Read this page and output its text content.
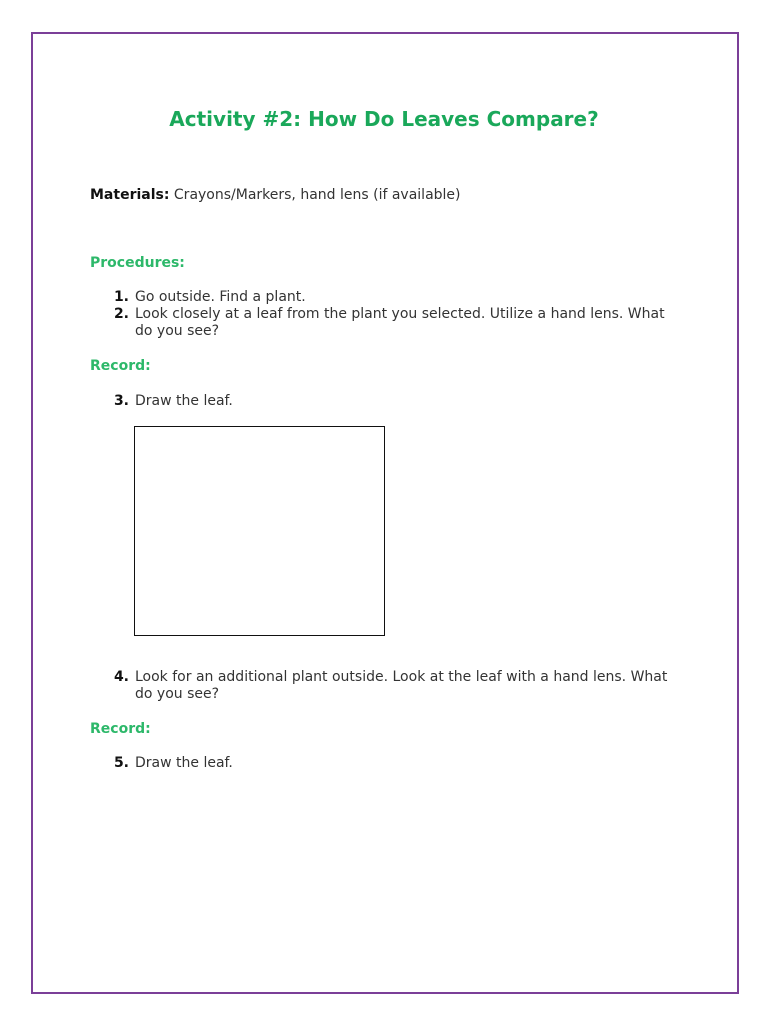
Activity #2: How Do Leaves Compare?

Materials: Crayons/Markers, hand lens (if available)

Procedures:
1. Go outside. Find a plant.
2. Look closely at a leaf from the plant you selected. Utilize a hand lens. What do you see?
Record:
3. Draw the leaf.
4. Look for an additional plant outside. Look at the leaf with a hand lens. What do you see?
Record:
5. Draw the leaf.
